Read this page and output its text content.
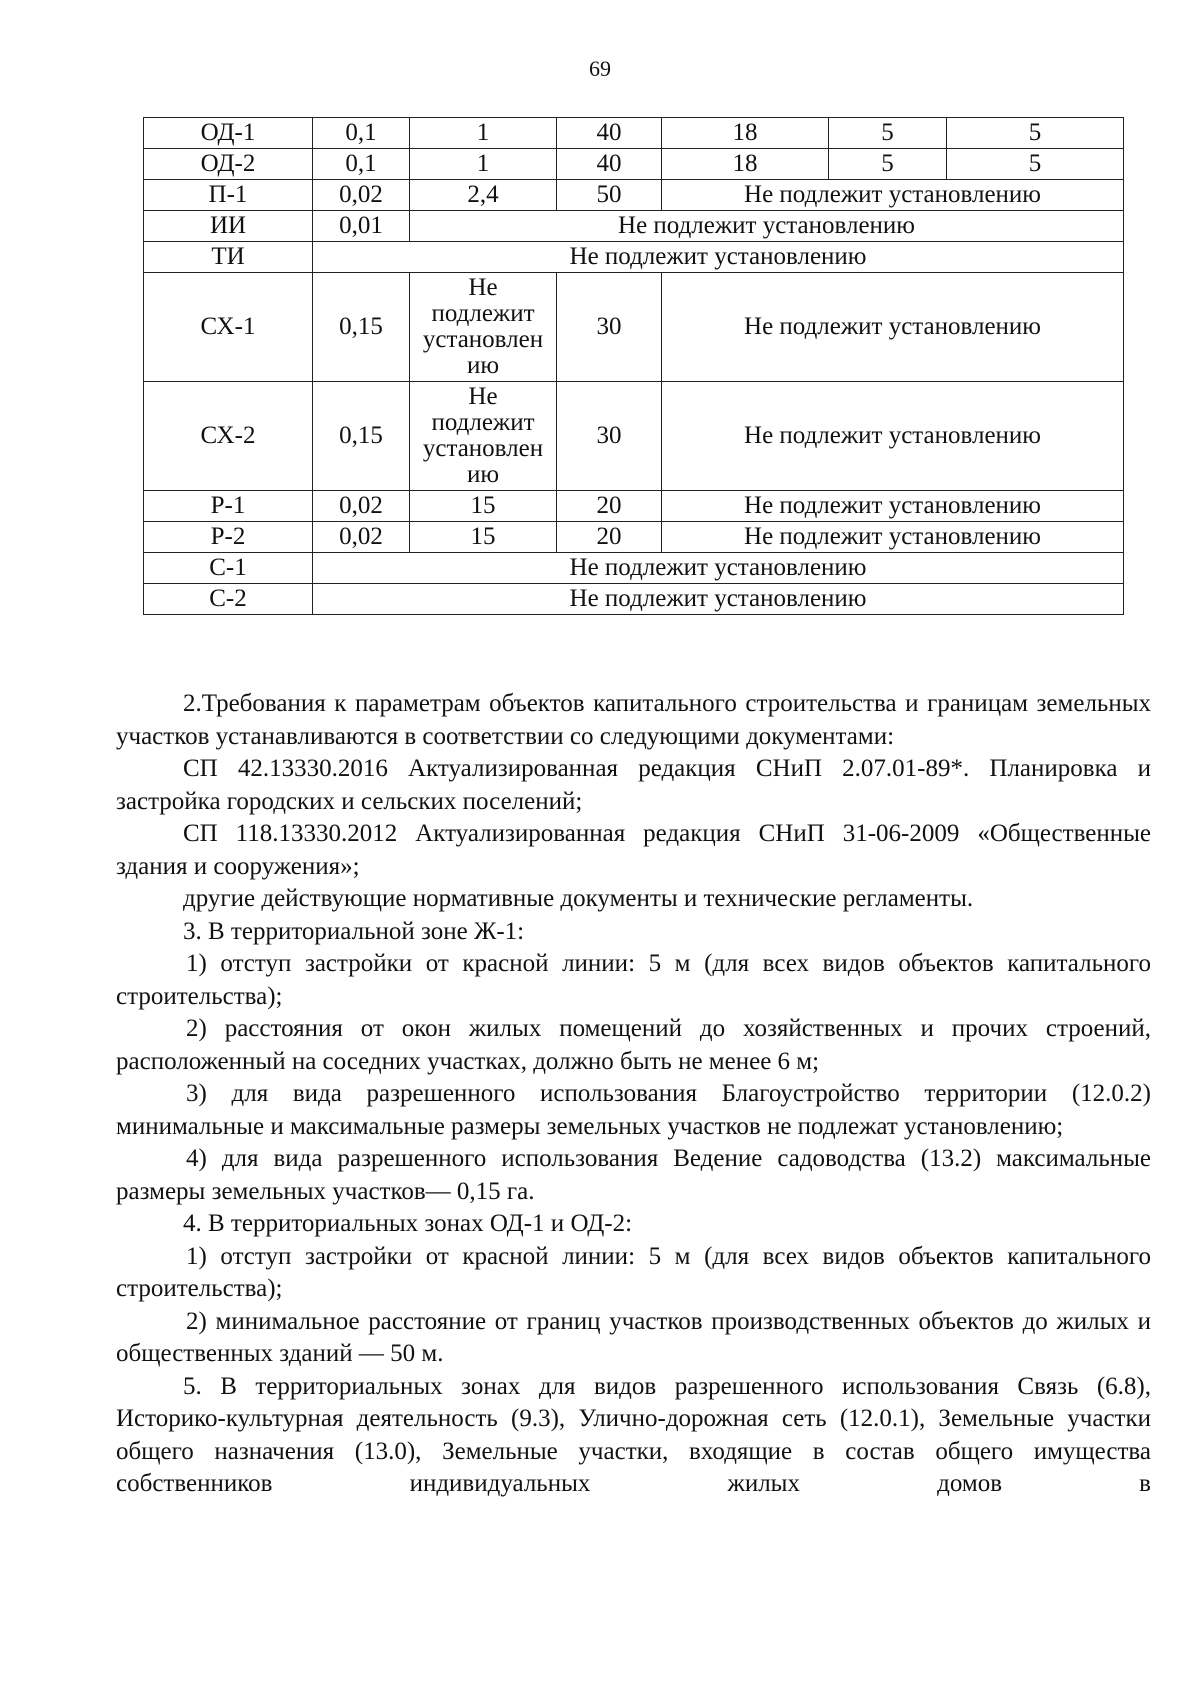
69
ОД-1	0,1	1	40	18	5	5
ОД-2	0,1	1	40	18	5	5
П-1	0,02	2,4	50	Не подлежит установлению		
ИИ	0,01	Не подлежит установлению				
ТИ	Не подлежит установлению					
СХ-1	0,15	Не
подлежит
установлен
ию	30	Не подлежит установлению		
СХ-2	0,15	Не
подлежит
установлен
ию	30	Не подлежит установлению		
Р-1	0,02	15	20	Не подлежит установлению		
Р-2	0,02	15	20	Не подлежит установлению		
С-1	Не подлежит установлению					
С-2	Не подлежит установлению					

2.Требования к параметрам объектов капитального строительства и границам земельных участков устанавливаются в соответствии со следующими документами:

СП 42.13330.2016 Актуализированная редакция СНиП 2.07.01-89*. Планировка и застройка городских и сельских поселений;

СП 118.13330.2012 Актуализированная редакция СНиП 31-06-2009 «Общественные здания и сооружения»;

другие действующие нормативные документы и технические регламенты.

3. В территориальной зоне Ж-1:

1) отступ застройки от красной линии: 5 м (для всех видов объектов капитального строительства);

2) расстояния от окон жилых помещений до хозяйственных и прочих строений, расположенный на соседних участках, должно быть не менее 6 м;

3) для вида разрешенного использования Благоустройство территории (12.0.2) минимальные и максимальные размеры земельных участков не подлежат установлению;

4) для вида разрешенного использования Ведение садоводства (13.2) максимальные размеры земельных участков— 0,15 га.

4. В территориальных зонах ОД-1 и ОД-2:

1) отступ застройки от красной линии: 5 м (для всех видов объектов капитального строительства);

2) минимальное расстояние от границ участков производственных объектов до жилых и общественных зданий — 50 м.

5. В территориальных зонах для видов разрешенного использования Связь (6.8), Историко-культурная деятельность (9.3), Улично-дорожная сеть (12.0.1), Земельные участки общего назначения (13.0), Земельные участки, входящие в состав общего имущества собственников индивидуальных жилых домов в
